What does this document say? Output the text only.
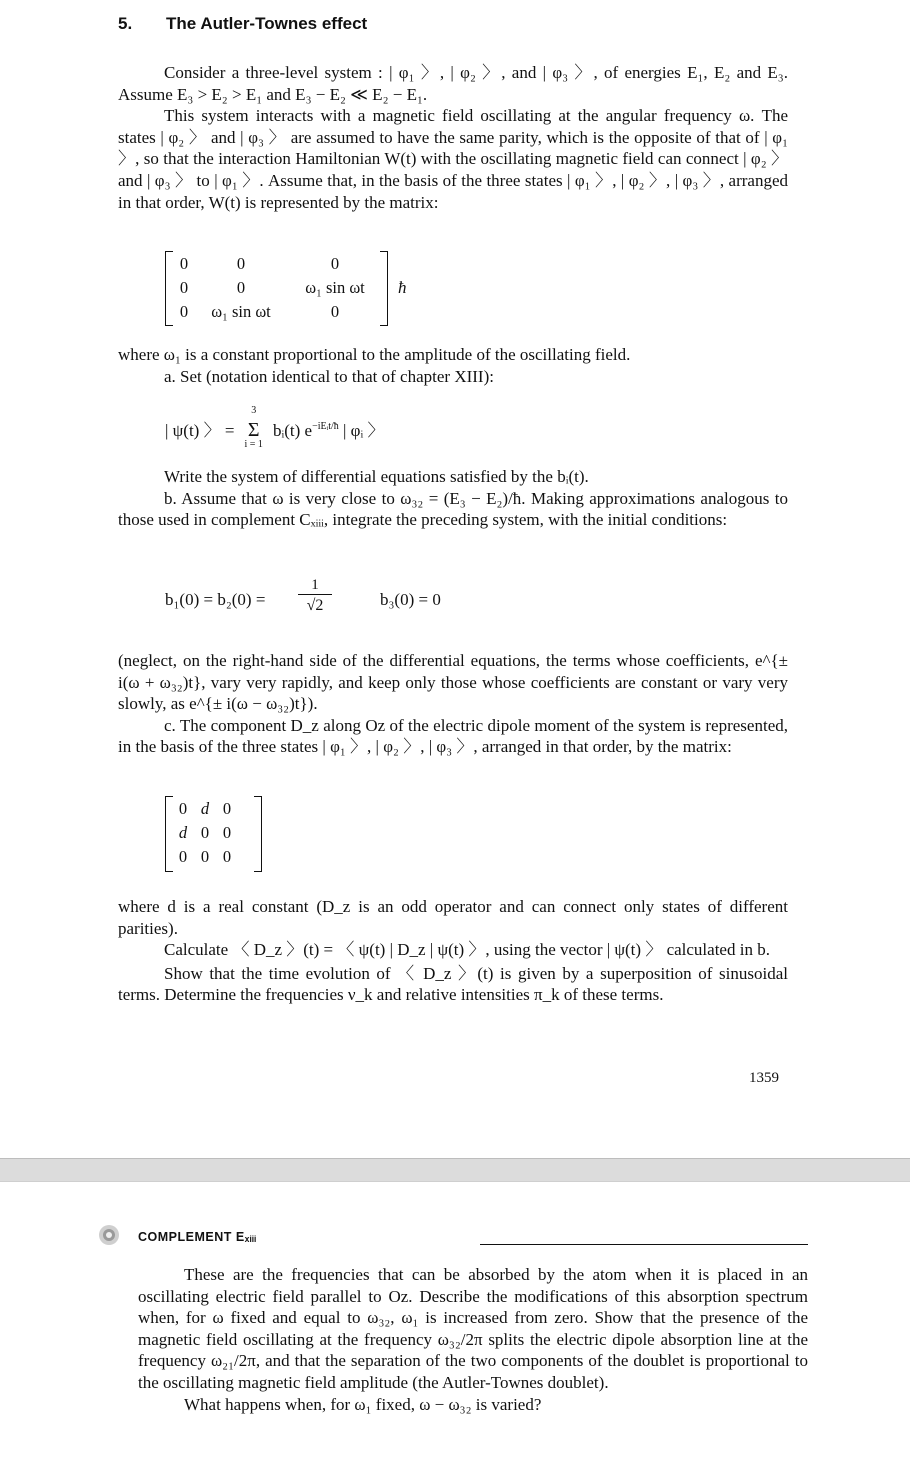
5. The Autler-Townes effect

Consider a three-level system : | φ₁ 〉, | φ₂ 〉, and | φ₃ 〉, of energies E₁, E₂ and E₃. Assume E₃ > E₂ > E₁ and E₃ − E₂ ≪ E₂ − E₁.

This system interacts with a magnetic field oscillating at the angular frequency ω. The states | φ₂ 〉 and | φ₃ 〉 are assumed to have the same parity, which is the opposite of that of | φ₁ 〉, so that the interaction Hamiltonian W(t) with the oscillating magnetic field can connect | φ₂ 〉 and | φ₃ 〉 to | φ₁ 〉. Assume that, in the basis of the three states | φ₁ 〉, | φ₂ 〉, | φ₃ 〉, arranged in that order, W(t) is represented by the matrix:

0	0	0
0	0	ω₁ sin ωt
0	ω₁ sin ωt	0
ħ

where ω₁ is a constant proportional to the amplitude of the oscillating field.

a. Set (notation identical to that of chapter XIII):

| ψ(t) 〉 =
3
Σ
i = 1
bᵢ(t) $e^{-iEᵢt/ħ}$ | φᵢ 〉

Write the system of differential equations satisfied by the bᵢ(t).

b. Assume that ω is very close to ω₃₂ = (E₃ − E₂)/ħ. Making approximations analogous to those used in complement Cₓᵢᵢᵢ, integrate the preceding system, with the initial conditions:

$b_1(0) = b_2(0) = \frac{1}{√2}$	b₃(0) = 0

(neglect, on the right-hand side of the differential equations, the terms whose coefficients, e^{± i(ω + ω₃₂)t}, vary very rapidly, and keep only those whose coefficients are constant or vary very slowly, as e^{± i(ω − ω₃₂)t}).

c. The component D_z along Oz of the electric dipole moment of the system is represented, in the basis of the three states | φ₁ 〉, | φ₂ 〉, | φ₃ 〉, arranged in that order, by the matrix:

0	d	0
d	0	0
0	0	0

where d is a real constant (D_z is an odd operator and can connect only states of different parities).

Calculate 〈 D_z 〉(t) = 〈 ψ(t) | D_z | ψ(t) 〉, using the vector | ψ(t) 〉 calculated in b.

Show that the time evolution of 〈 D_z 〉(t) is given by a superposition of sinusoidal terms. Determine the frequencies ν_k and relative intensities π_k of these terms.

1359
COMPLEMENT Eₓᵢᵢᵢ

These are the frequencies that can be absorbed by the atom when it is placed in an oscillating electric field parallel to Oz. Describe the modifications of this absorption spectrum when, for ω fixed and equal to ω₃₂, ω₁ is increased from zero. Show that the presence of the magnetic field oscillating at the frequency ω₃₂/2π splits the electric dipole absorption line at the frequency ω₂₁/2π, and that the separation of the two components of the doublet is proportional to the oscillating magnetic field amplitude (the Autler-Townes doublet).

What happens when, for ω₁ fixed, ω − ω₃₂ is varied?
